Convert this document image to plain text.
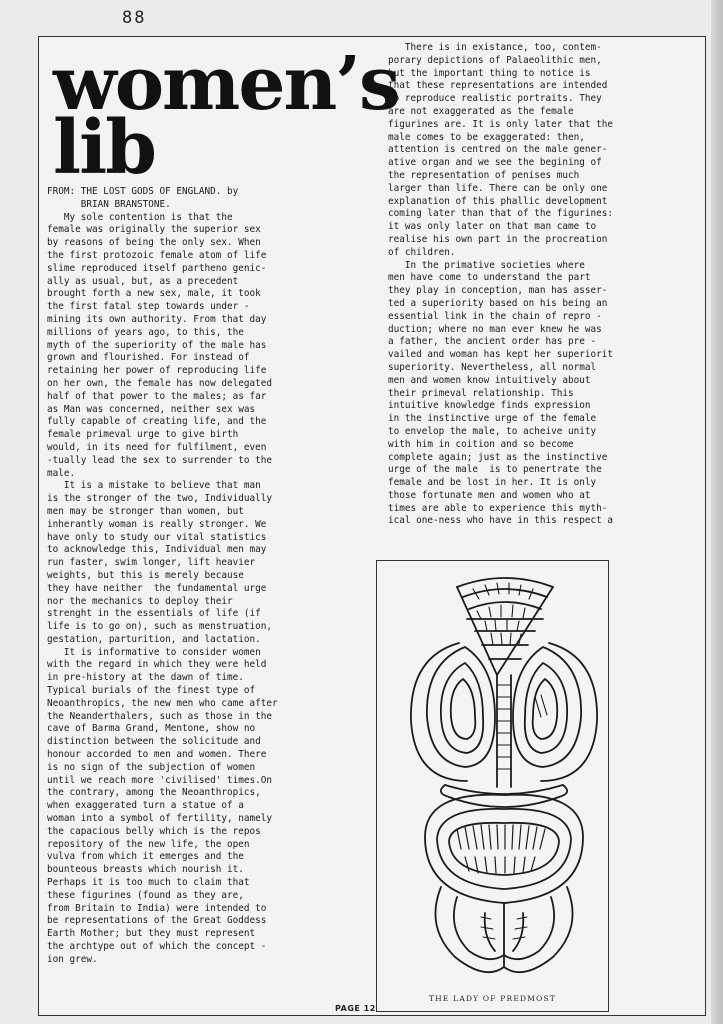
88
women’s
lib
FROM: THE LOST GODS OF ENGLAND. by
BRIAN BRANSTONE.
My sole contention is that the
female was originally the superior sex
by reasons of being the only sex. When
the first protozoic female atom of life
slime reproduced itself partheno genic-
ally as usual, but, as a precedent
brought forth a new sex, male, it took
the first fatal step towards under -
mining its own authority. From that day
millions of years ago, to this, the
myth of the superiority of the male has
grown and flourished. For instead of
retaining her power of reproducing life
on her own, the female has now delegated
half of that power to the males; as far
as Man was concerned, neither sex was
fully capable of creating life, and the
female primeval urge to give birth
would, in its need for fulfilment, even
-tually lead the sex to surrender to the
male.
It is a mistake to believe that man
is the stronger of the two, Individually
men may be stronger than women, but
inherantly woman is really stronger. We
have only to study our vital statistics
to acknowledge this, Individual men may
run faster, swim longer, lift heavier
weights, but this is merely because
they have neither  the fundamental urge
nor the mechanics to deploy their
strenght in the essentials of life (if
life is to go on), such as menstruation,
gestation, parturition, and lactation.
It is informative to consider women
with the regard in which they were held
in pre-history at the dawn of time.
Typical burials of the finest type of
Neoanthropics, the new men who came after
the Neanderthalers, such as those in the
cave of Barma Grand, Mentone, show no
distinction between the solicitude and
honour accorded to men and women. There
is no sign of the subjection of women
until we reach more 'civilised' times.On
the contrary, among the Neoanthropics,
when exaggerated turn a statue of a
woman into a symbol of fertility, namely
the capacious belly which is the repos
repository of the new life, the open
vulva from which it emerges and the
bounteous breasts which nourish it.
Perhaps it is too much to claim that
these figurines (found as they are,
from Britain to India) were intended to
be representations of the Great Goddess
Earth Mother; but they must represent
the archtype out of which the concept -
ion grew.
There is in existance, too, contem-
porary depictions of Palaeolithic men,
but the important thing to notice is
that these representations are intended
to reproduce realistic portraits. They
are not exaggerated as the female
figurines are. It is only later that the
male comes to be exaggerated: then,
attention is centred on the male gener-
ative organ and we see the begining of
the representation of penises much
larger than life. There can be only one
explanation of this phallic development
coming later than that of the figurines:
it was only later on that man came to
realise his own part in the procreation
of children.
In the primative societies where
men have come to understand the part
they play in conception, man has asser-
ted a superiority based on his being an
essential link in the chain of repro -
duction; where no man ever knew he was
a father, the ancient order has pre -
vailed and woman has kept her superiorit
superiority. Nevertheless, all normal
men and women know intuitively about
their primeval relationship. This
intuitive knowledge finds expression
in the instinctive urge of the female
to envelop the male, to acheive unity
with him in coition and so become
complete again; just as the instinctive
urge of the male  is to penertrate the
female and be lost in her. It is only
those fortunate men and women who at
times are able to experience this myth-
ical one-ness who have in this respect a
THE LADY OF PREDMOST
PAGE 12
